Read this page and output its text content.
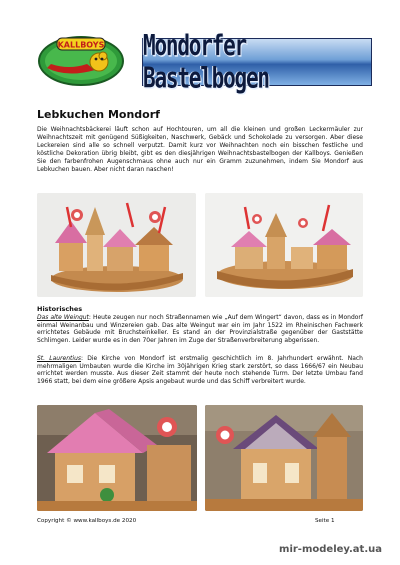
KALLBOYS Mondorfer Bastelbogen
Lebkuchen Mondorf

Die Weihnachtsbäckerei läuft schon auf Hochtouren, um all die kleinen und großen Leckermäuler zur Weihnachtszeit mit genügend Süßigkeiten, Naschwerk, Gebäck und Schokolade zu versorgen. Aber diese Leckereien sind alle so schnell verputzt. Damit kurz vor Weihnachten noch ein bisschen festliche und köstliche Dekoration übrig bleibt, gibt es den diesjährigen Weihnachtsbastelbogen der Kallboys. Genießen Sie den farbenfrohen Augenschmaus ohne auch nur ein Gramm zuzunehmen, indem Sie Mondorf aus Lebkuchen bauen. Aber nicht daran naschen!

Historisches

Das alte Weingut: Heute zeugen nur noch Straßennamen wie „Auf dem Wingert“ davon, dass es in Mondorf einmal Weinanbau und Winzereien gab. Das alte Weingut war ein im Jahr 1522 im Rheinischen Fachwerk errichtetes Gebäude mit Bruchsteinkeller. Es stand an der Provinzialstraße gegenüber der Gaststätte Schlimgen. Leider wurde es in den 70er Jahren im Zuge der Straßenverbreiterung abgerissen.

St. Laurentius: Die Kirche von Mondorf ist erstmalig geschichtlich im 8. Jahrhundert erwähnt. Nach mehrmaligen Umbauten wurde die Kirche im 30jährigen Krieg stark zerstört, so dass 1666/67 ein Neubau errichtet werden musste. Aus dieser Zeit stammt der heute noch stehende Turm. Der letzte Umbau fand 1966 statt, bei dem eine größere Apsis angebaut wurde und das Schiff verbreitert wurde.

Copyright © www.kallboys.de 2020	Seite 1
mir-modeley.at.ua
